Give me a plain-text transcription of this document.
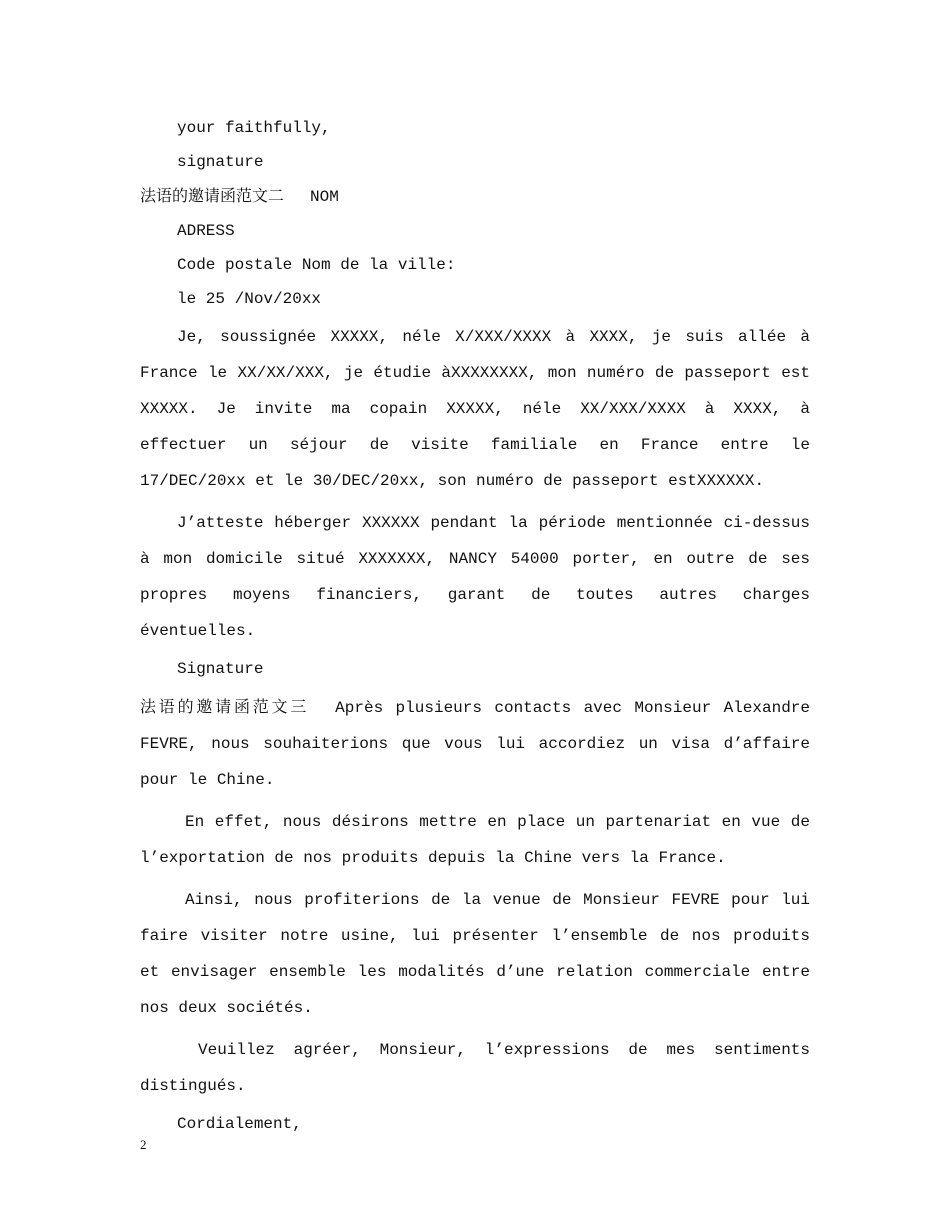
your faithfully,

signature

法语的邀请函范文二 NOM

ADRESS

Code postale Nom de la ville:

le 25 /Nov/20xx

Je, soussignée XXXXX, néle X/XXX/XXXX à XXXX, je suis allée à France le XX/XX/XXX, je étudie àXXXXXXXX, mon numéro de passeport est XXXXX. Je invite ma copain XXXXX, néle XX/XXX/XXXX à XXXX, à effectuer un séjour de visite familiale en France entre le 17/DEC/20xx et le 30/DEC/20xx, son numéro de passeport estXXXXXX.

J’atteste héberger XXXXXX pendant la période mentionnée ci-dessus à mon domicile situé XXXXXXX, NANCY 54000 porter, en outre de ses propres moyens financiers, garant de toutes autres charges éventuelles.

Signature

法语的邀请函范文三 Après plusieurs contacts avec Monsieur Alexandre FEVRE, nous souhaiterions que vous lui accordiez un visa d’affaire pour le Chine.

En effet, nous désirons mettre en place un partenariat en vue de l’exportation de nos produits depuis la Chine vers la France.

Ainsi, nous profiterions de la venue de Monsieur FEVRE pour lui faire visiter notre usine, lui présenter l’ensemble de nos produits et envisager ensemble les modalités d’une relation commerciale entre nos deux sociétés.

Veuillez agréer, Monsieur, l’expressions de mes sentiments distingués.

Cordialement,

2
